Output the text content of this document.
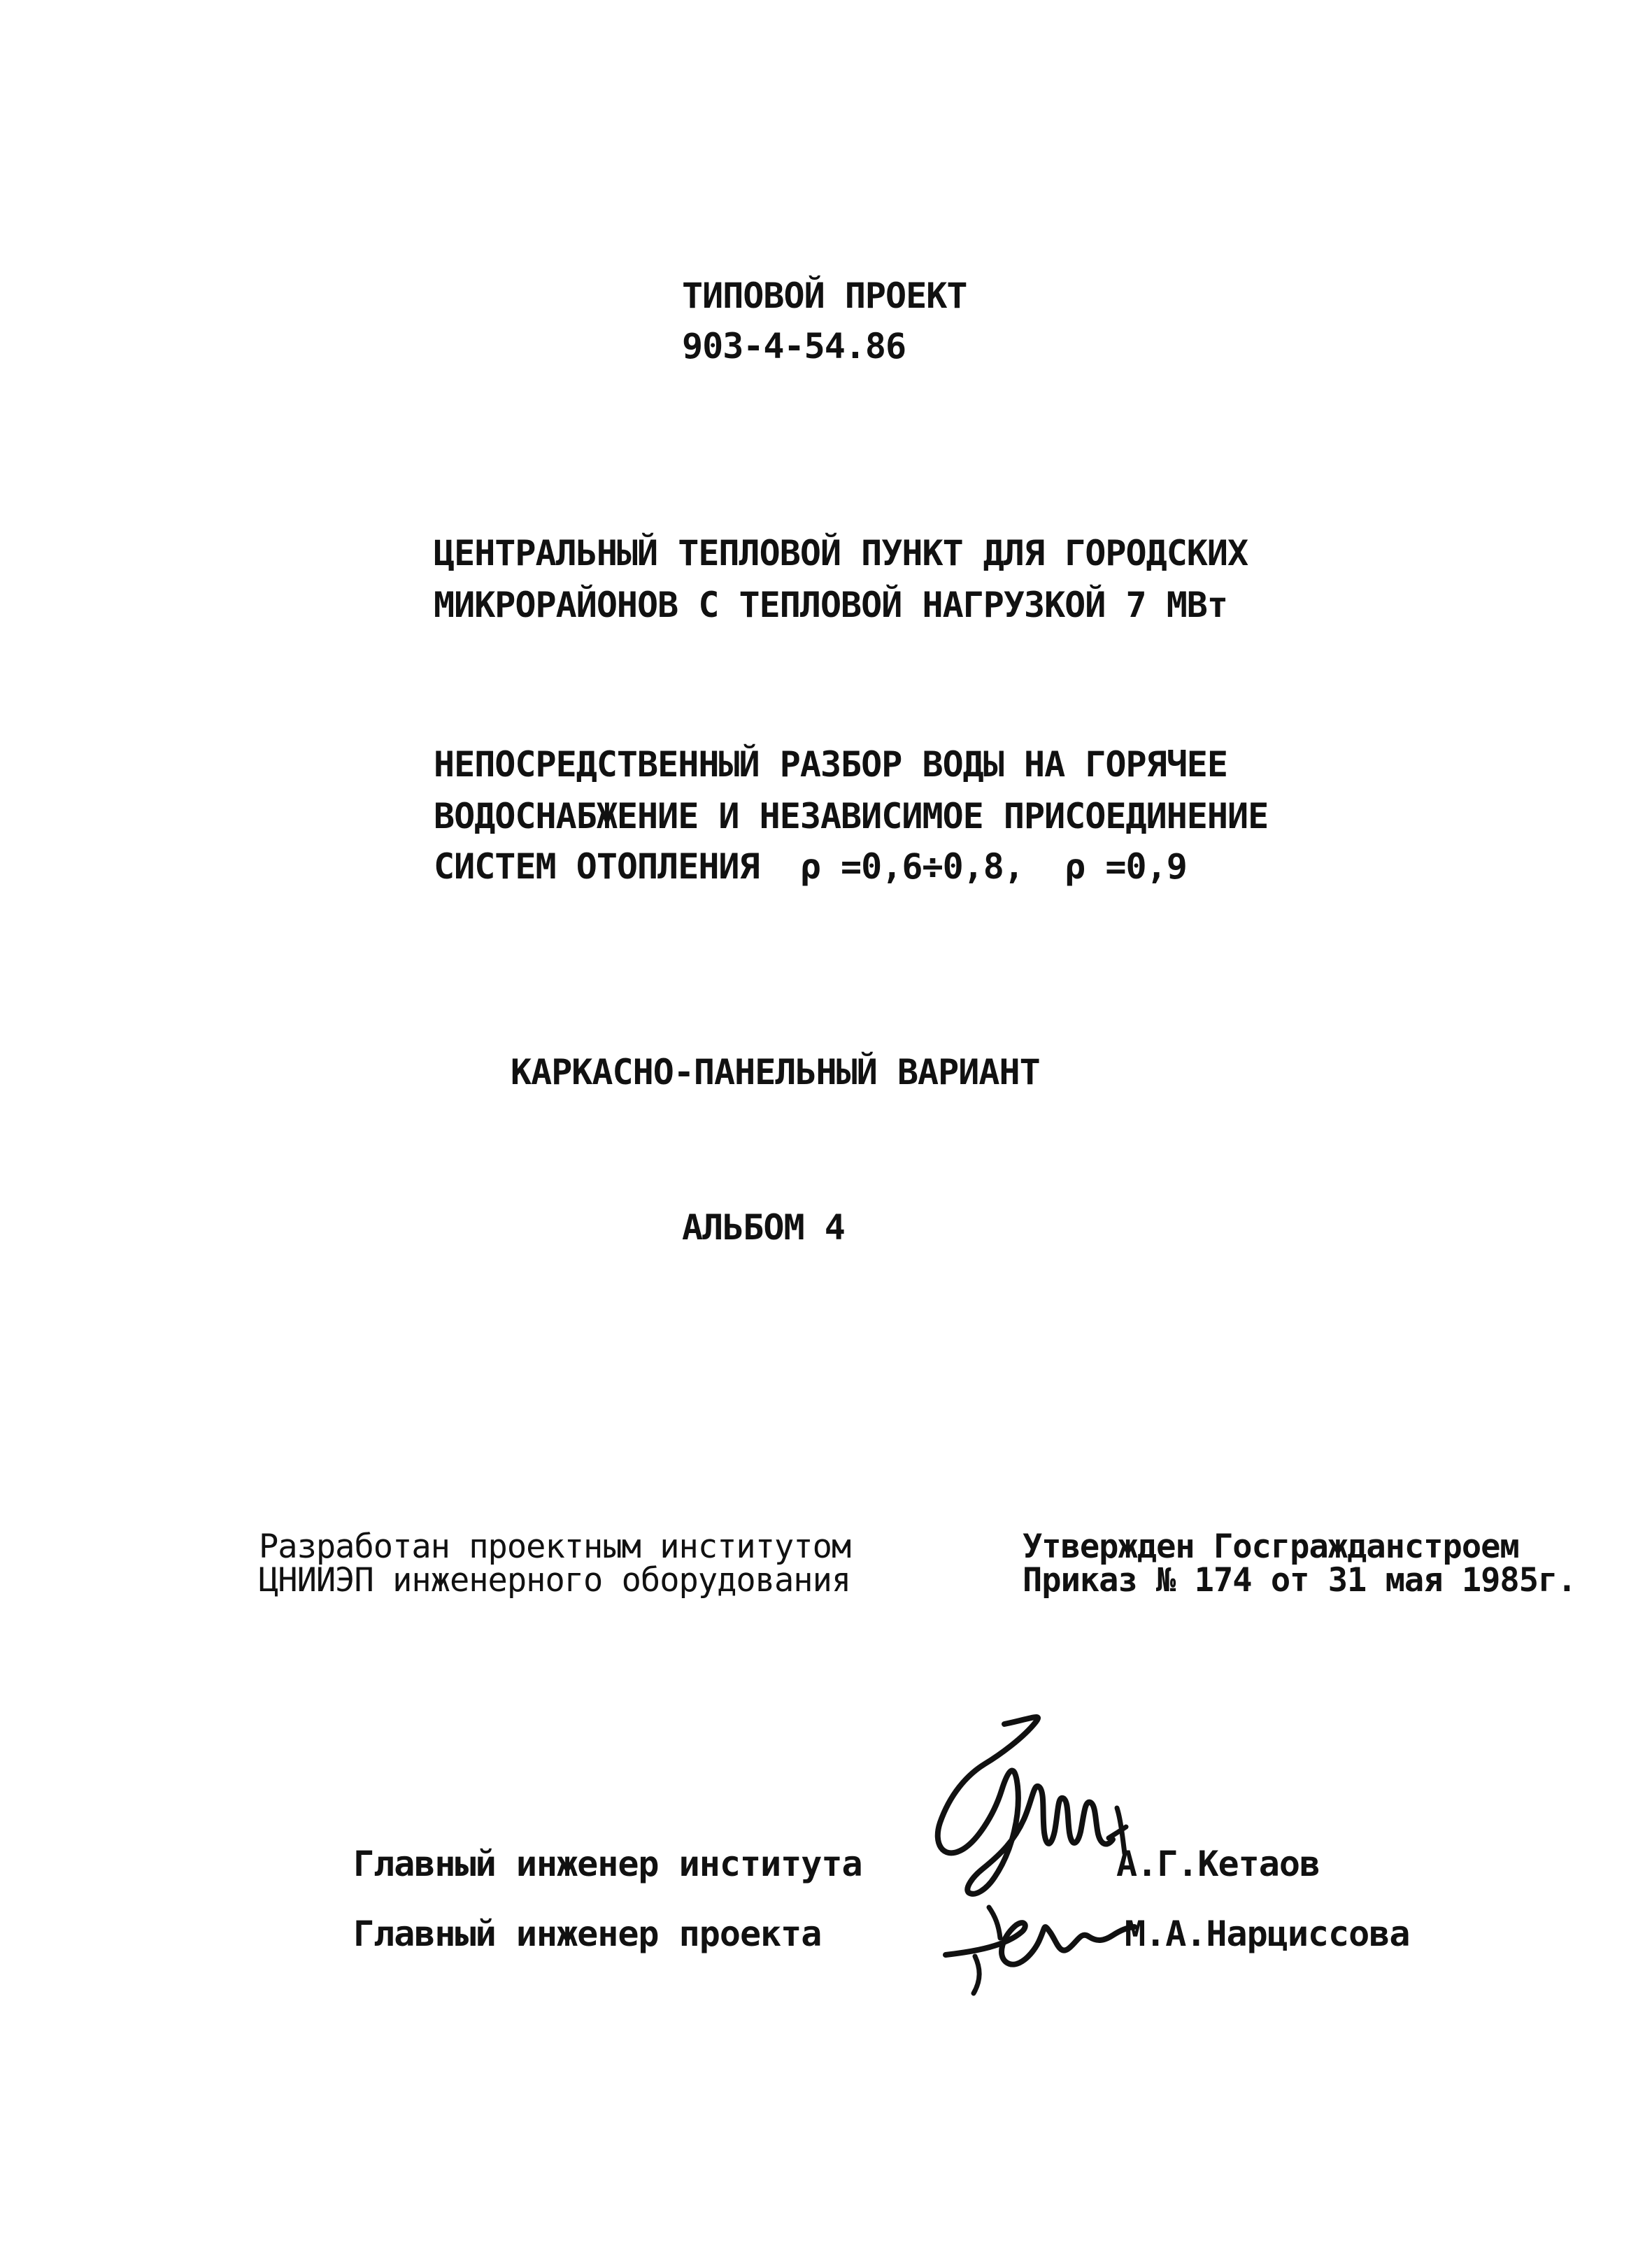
ТИПОВОЙ ПРОЕКТ
903-4-54.86
ЦЕНТРАЛЬНЫЙ ТЕПЛОВОЙ ПУНКТ ДЛЯ ГОРОДСКИХ
МИКРОРАЙОНОВ С ТЕПЛОВОЙ НАГРУЗКОЙ 7 МВт
НЕПОСРЕДСТВЕННЫЙ РАЗБОР ВОДЫ НА ГОРЯЧЕЕ
ВОДОСНАБЖЕНИЕ И НЕЗАВИСИМОЕ ПРИСОЕДИНЕНИЕ
СИСТЕМ ОТОПЛЕНИЯ  ρ =0,6÷0,8,  ρ =0,9
КАРКАСНО-ПАНЕЛЬНЫЙ ВАРИАНТ
АЛЬБОМ 4
Разработан проектным институтом
ЦНИИЭП инженерного оборудования
Утвержден Госгражданстроем
Приказ № 174 от 31 мая 1985г.
Главный инженер института	А.Г.Кетаов
Главный инженер проекта	М.А.Нарциссова
